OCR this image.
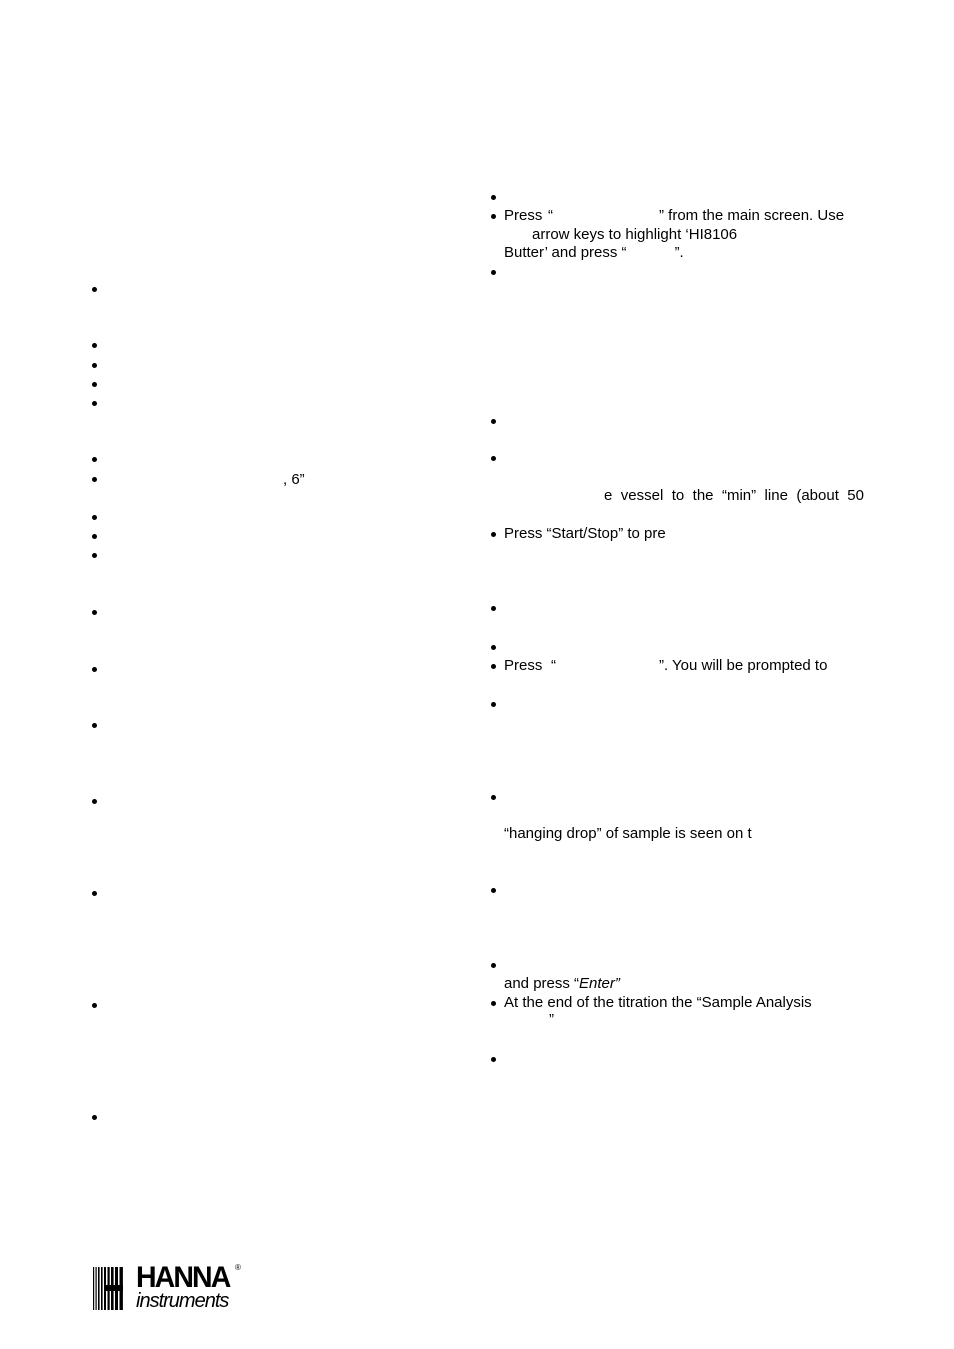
, 6”
Press “	” from the main screen. Use
arrow keys to highlight ‘HI8106
Butter’ and press “	”.
e vessel to the “min” line (about 50
Press “Start/Stop” to pre
Press “	”. You will be prompted to
“hanging drop” of sample is seen on t
and press “Enter”
At the end of the titration the “Sample Analysis
”
HANNA ®
instruments
